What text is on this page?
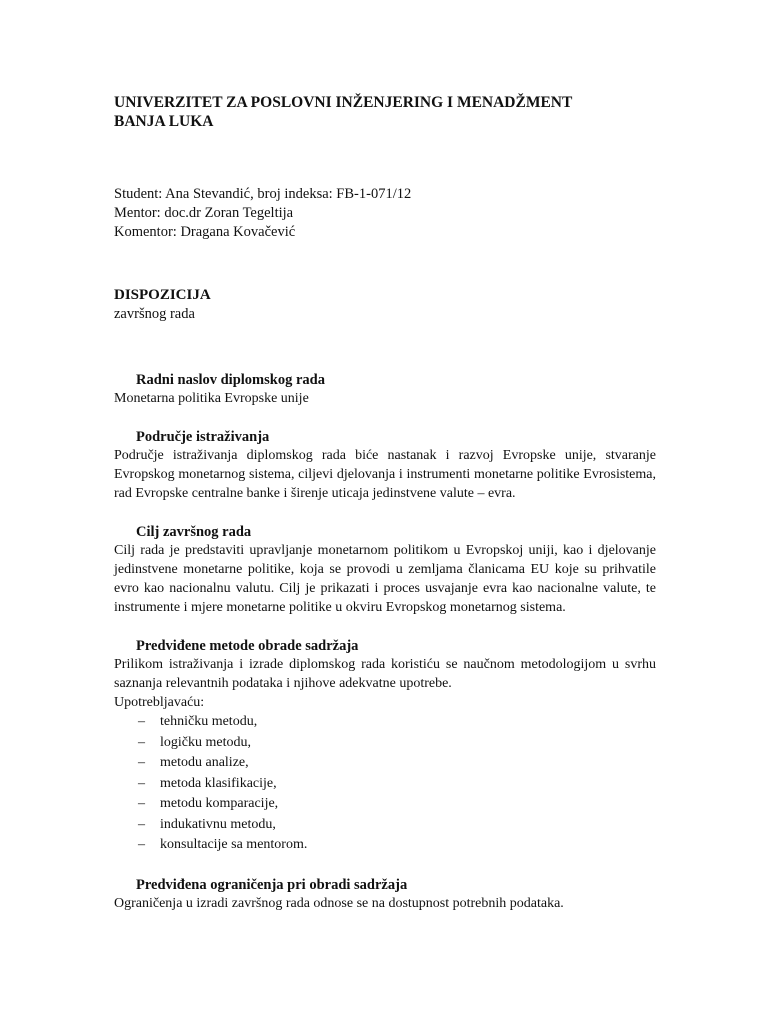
UNIVERZITET ZA POSLOVNI INŽENJERING I MENADŽMENT
BANJA LUKA
Student: Ana Stevandić, broj indeksa: FB-1-071/12
Mentor: doc.dr Zoran Tegeltija
Komentor: Dragana Kovačević
DISPOZICIJA
završnog rada
Radni naslov diplomskog rada
Monetarna politika Evropske unije
Područje istraživanja
Područje istraživanja diplomskog rada biće nastanak i razvoj Evropske unije, stvaranje Evropskog monetarnog sistema, ciljevi djelovanja i instrumenti monetarne politike Evrosistema, rad Evropske centralne banke i širenje uticaja jedinstvene valute – evra.
Cilj završnog rada
Cilj rada je predstaviti upravljanje monetarnom politikom u Evropskoj uniji, kao i djelovanje jedinstvene monetarne politike, koja se provodi u zemljama članicama EU koje su prihvatile evro kao nacionalnu valutu. Cilj je prikazati i proces usvajanje evra kao nacionalne valute, te instrumente i mjere monetarne politike u okviru Evropskog monetarnog sistema.
Predviđene metode obrade sadržaja
Prilikom istraživanja i izrade diplomskog rada koristiću se naučnom metodologijom u svrhu saznanja relevantnih podataka i njihove adekvatne upotrebe.
Upotrebljavaću:
– tehničku metodu,
– logičku metodu,
– metodu analize,
– metoda klasifikacije,
– metodu komparacije,
– indukativnu metodu,
– konsultacije sa mentorom.
Predviđena ograničenja pri obradi sadržaja
Ograničenja u izradi završnog rada odnose se na dostupnost potrebnih podataka.
